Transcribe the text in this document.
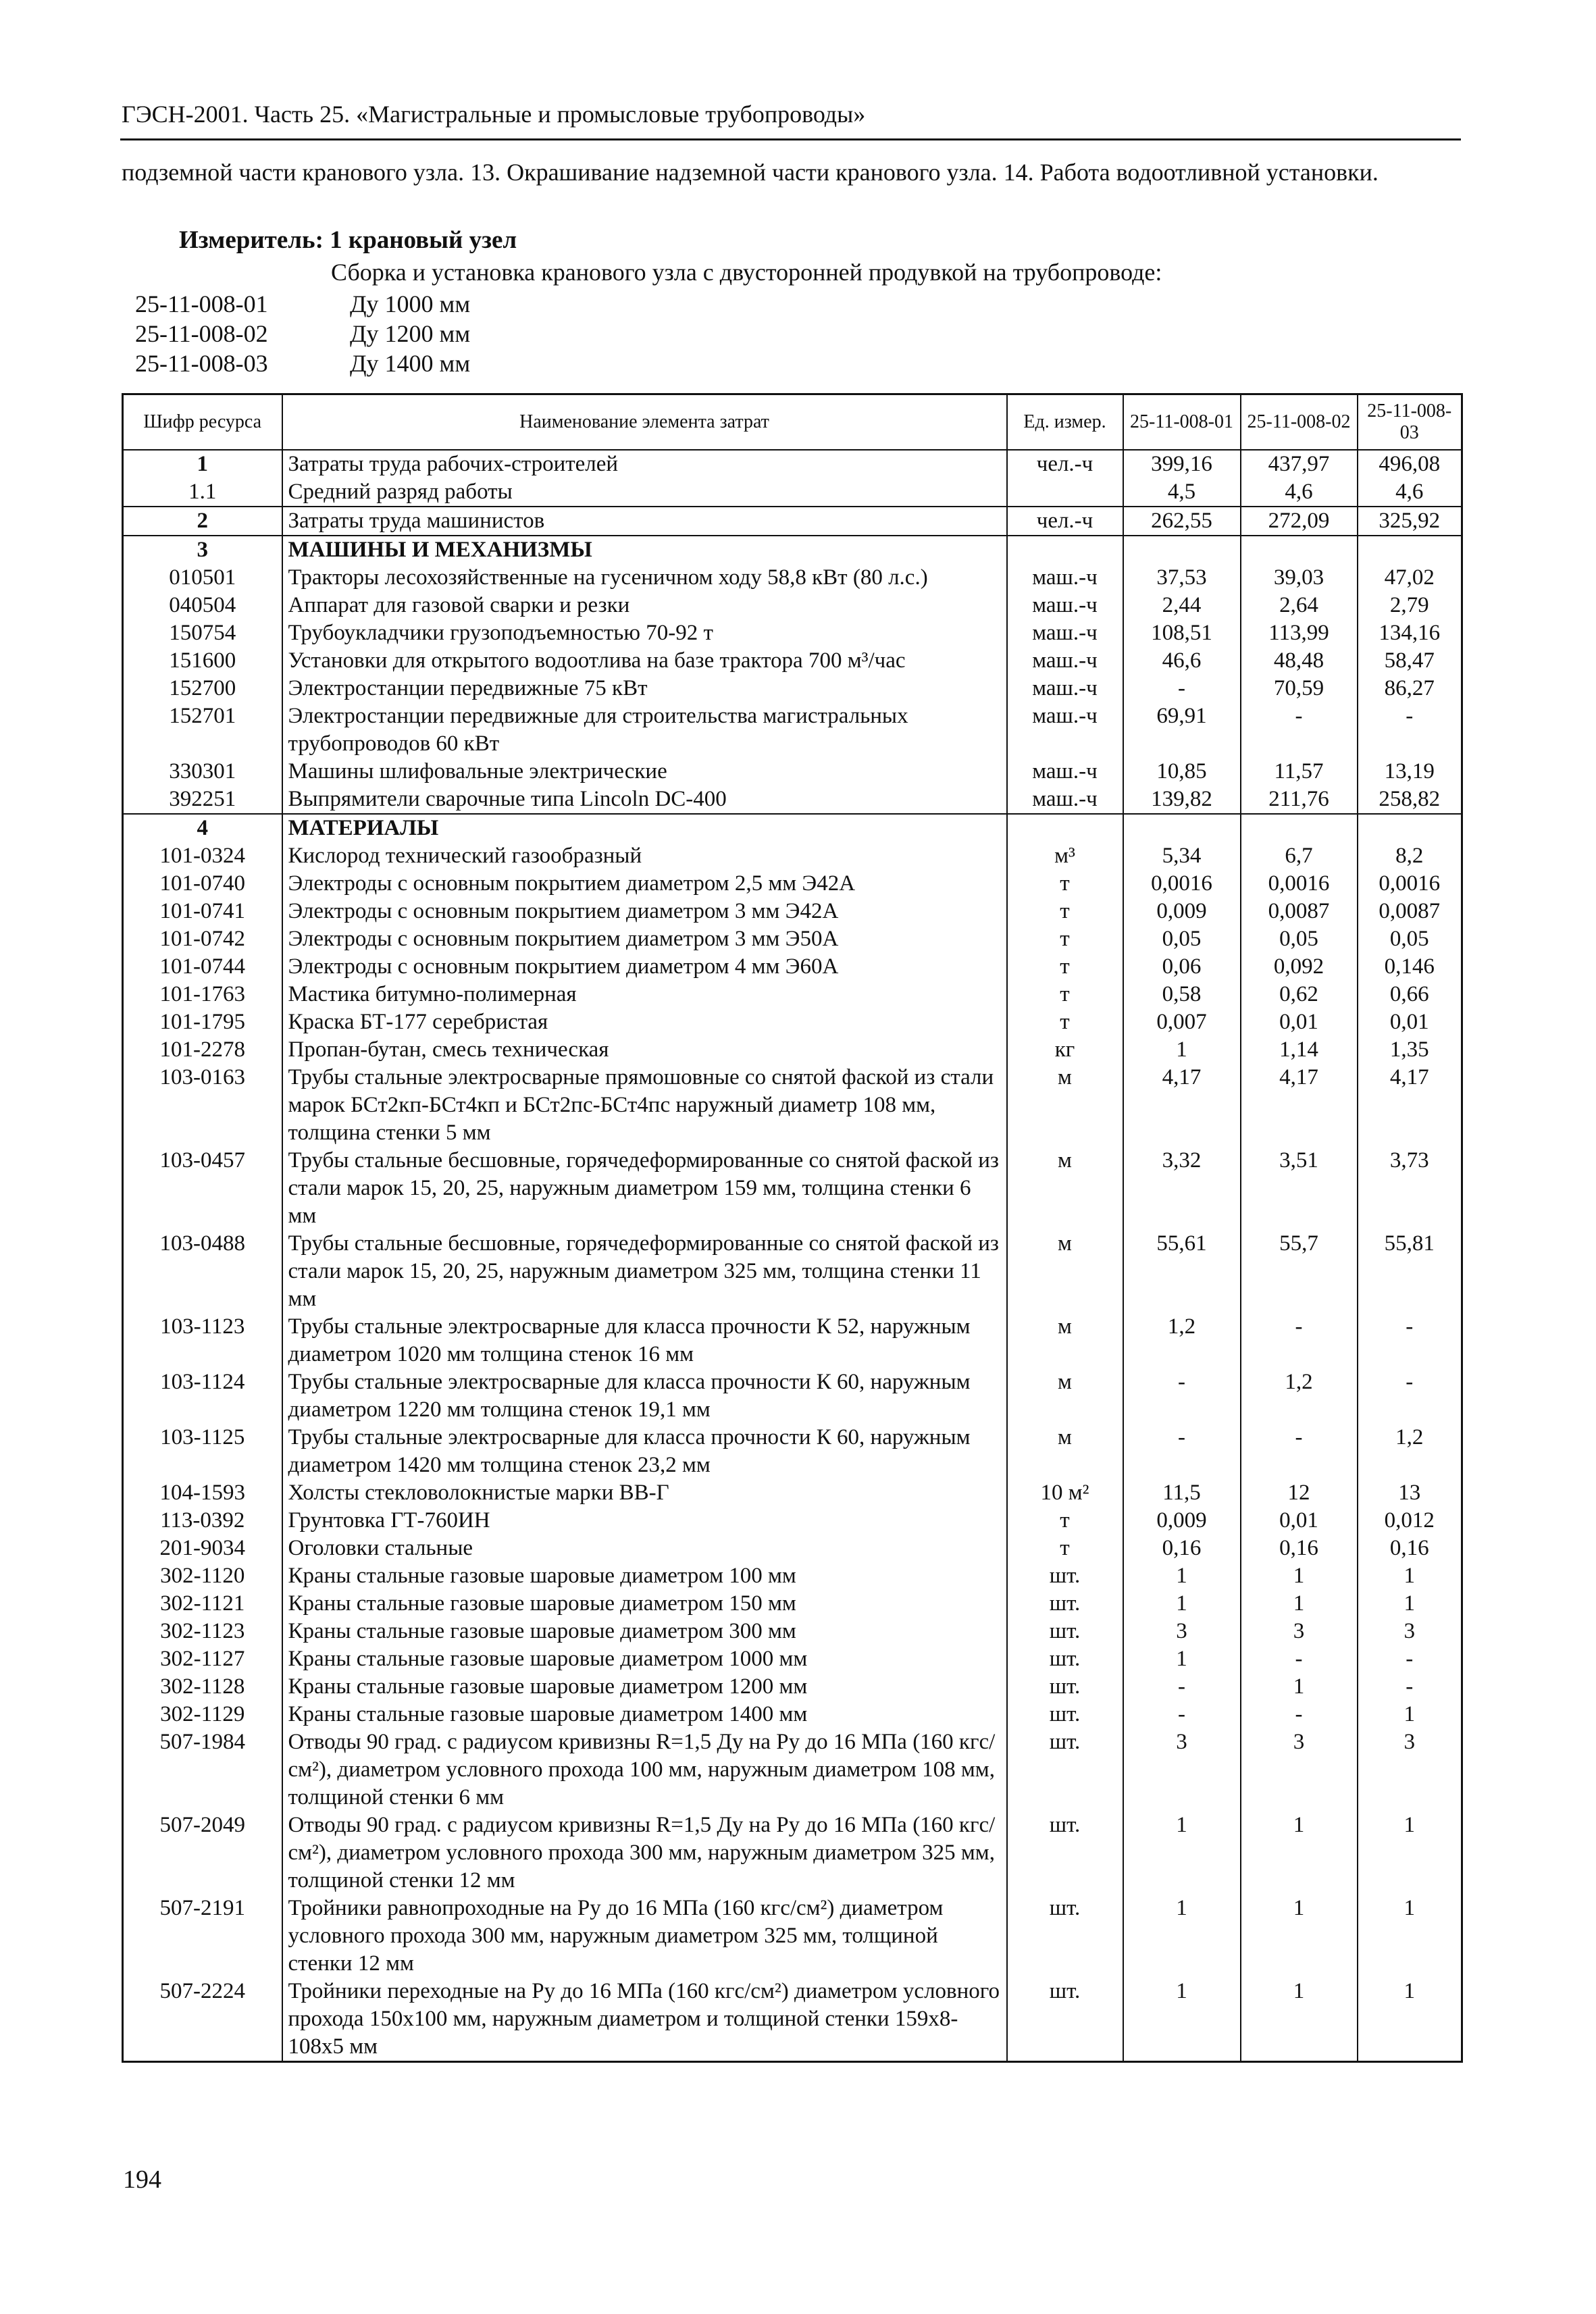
ГЭСН-2001. Часть 25. «Магистральные и промысловые трубопроводы»
подземной части кранового узла. 13. Окрашивание надземной части кранового узла. 14. Работа водоотливной установки.
Измеритель: 1 крановый узел
Сборка и установка кранового узла с двусторонней продувкой на трубопроводе:
25-11-008-01	Ду 1000 мм
25-11-008-02	Ду 1200 мм
25-11-008-03	Ду 1400 мм
Шифр ресурса	Наименование элемента затрат	Ед. измер.	25-11-008-01	25-11-008-02	25-11-008-03
1	Затраты труда рабочих-строителей	чел.-ч	399,16	437,97	496,08
1.1	Средний разряд работы		4,5	4,6	4,6
2	Затраты труда машинистов	чел.-ч	262,55	272,09	325,92
3	МАШИНЫ И МЕХАНИЗМЫ				
010501	Тракторы лесохозяйственные на гусеничном ходу 58,8 кВт (80 л.с.)	маш.-ч	37,53	39,03	47,02
040504	Аппарат для газовой сварки и резки	маш.-ч	2,44	2,64	2,79
150754	Трубоукладчики грузоподъемностью 70-92 т	маш.-ч	108,51	113,99	134,16
151600	Установки для открытого водоотлива на базе трактора 700 м³/час	маш.-ч	46,6	48,48	58,47
152700	Электростанции передвижные 75 кВт	маш.-ч	-	70,59	86,27
152701	Электростанции передвижные для строительства магистральных трубопроводов 60 кВт	маш.-ч	69,91	-	-
330301	Машины шлифовальные электрические	маш.-ч	10,85	11,57	13,19
392251	Выпрямители сварочные типа Lincoln DC-400	маш.-ч	139,82	211,76	258,82
4	МАТЕРИАЛЫ				
101-0324	Кислород технический газообразный	м³	5,34	6,7	8,2
101-0740	Электроды с основным покрытием диаметром 2,5 мм Э42А	т	0,0016	0,0016	0,0016
101-0741	Электроды с основным покрытием диаметром 3 мм Э42А	т	0,009	0,0087	0,0087
101-0742	Электроды с основным покрытием диаметром 3 мм Э50А	т	0,05	0,05	0,05
101-0744	Электроды с основным покрытием диаметром 4 мм Э60А	т	0,06	0,092	0,146
101-1763	Мастика битумно-полимерная	т	0,58	0,62	0,66
101-1795	Краска БТ-177 серебристая	т	0,007	0,01	0,01
101-2278	Пропан-бутан, смесь техническая	кг	1	1,14	1,35
103-0163	Трубы стальные электросварные прямошовные со снятой фаской из стали марок БСт2кп-БСт4кп и БСт2пс-БСт4пс наружный диаметр 108 мм, толщина стенки 5 мм	м	4,17	4,17	4,17
103-0457	Трубы стальные бесшовные, горячедеформированные со снятой фаской из стали марок 15, 20, 25, наружным диаметром 159 мм, толщина стенки 6 мм	м	3,32	3,51	3,73
103-0488	Трубы стальные бесшовные, горячедеформированные со снятой фаской из стали марок 15, 20, 25, наружным диаметром 325 мм, толщина стенки 11 мм	м	55,61	55,7	55,81
103-1123	Трубы стальные электросварные для класса прочности К 52, наружным диаметром 1020 мм толщина стенок 16 мм	м	1,2	-	-
103-1124	Трубы стальные электросварные для класса прочности К 60, наружным диаметром 1220 мм толщина стенок 19,1 мм	м	-	1,2	-
103-1125	Трубы стальные электросварные для класса прочности К 60, наружным диаметром 1420 мм толщина стенок 23,2 мм	м	-	-	1,2
104-1593	Холсты стекловолокнистые марки ВВ-Г	10 м²	11,5	12	13
113-0392	Грунтовка ГТ-760ИН	т	0,009	0,01	0,012
201-9034	Оголовки стальные	т	0,16	0,16	0,16
302-1120	Краны стальные газовые шаровые диаметром 100 мм	шт.	1	1	1
302-1121	Краны стальные газовые шаровые диаметром 150 мм	шт.	1	1	1
302-1123	Краны стальные газовые шаровые диаметром 300 мм	шт.	3	3	3
302-1127	Краны стальные газовые шаровые диаметром 1000 мм	шт.	1	-	-
302-1128	Краны стальные газовые шаровые диаметром 1200 мм	шт.	-	1	-
302-1129	Краны стальные газовые шаровые диаметром 1400 мм	шт.	-	-	1
507-1984	Отводы 90 град. с радиусом кривизны R=1,5 Ду на Ру до 16 МПа (160 кгс/см²), диаметром условного прохода 100 мм, наружным диаметром 108 мм, толщиной стенки 6 мм	шт.	3	3	3
507-2049	Отводы 90 град. с радиусом кривизны R=1,5 Ду на Ру до 16 МПа (160 кгс/см²), диаметром условного прохода 300 мм, наружным диаметром 325 мм, толщиной стенки 12 мм	шт.	1	1	1
507-2191	Тройники равнопроходные на Ру до 16 МПа (160 кгс/см²) диаметром условного прохода 300 мм, наружным диаметром 325 мм, толщиной стенки 12 мм	шт.	1	1	1
507-2224	Тройники переходные на Ру до 16 МПа (160 кгс/см²) диаметром условного прохода 150x100 мм, наружным диаметром и толщиной стенки 159x8-108x5 мм	шт.	1	1	1
194
